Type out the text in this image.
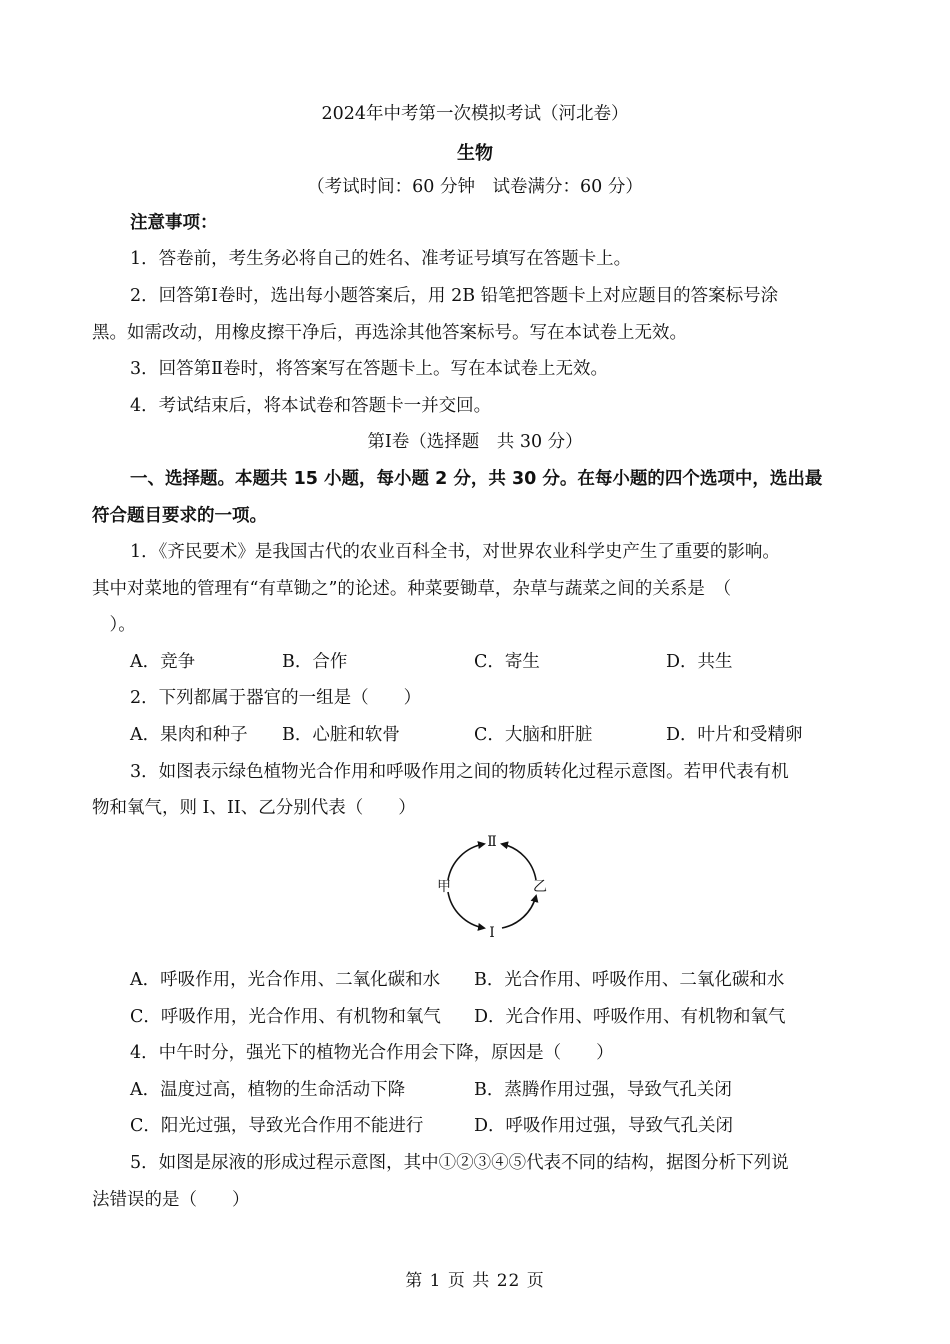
2024年中考第一次模拟考试（河北卷）
生物
（考试时间：60 分钟　试卷满分：60 分）
注意事项：
1．答卷前，考生务必将自己的姓名、准考证号填写在答题卡上。
2．回答第Ⅰ卷时，选出每小题答案后，用 2B 铅笔把答题卡上对应题目的答案标号涂
黑。如需改动，用橡皮擦干净后，再选涂其他答案标号。写在本试卷上无效。
3．回答第Ⅱ卷时，将答案写在答题卡上。写在本试卷上无效。
4．考试结束后，将本试卷和答题卡一并交回。
第Ⅰ卷（选择题　共 30 分）
一、选择题。本题共 15 小题，每小题 2 分，共 30 分。在每小题的四个选项中，选出最
符合题目要求的一项。
1．《齐民要术》是我国古代的农业百科全书，对世界农业科学史产生了重要的影响。
其中对菜地的管理有“有草锄之”的论述。种菜要锄草，杂草与蔬菜之间的关系是　（
　）。
A．竞争	B．合作	C．寄生	D．共生
2．下列都属于器官的一组是（　　）
A．果肉和种子 B．心脏和软骨	C．大脑和肝脏	D．叶片和受精卵
3．如图表示绿色植物光合作用和呼吸作用之间的物质转化过程示意图。若甲代表有机
物和氧气，则 I、II、乙分别代表（　　）
Ⅱ
甲	乙
I
A．呼吸作用，光合作用、二氧化碳和水 B．光合作用、呼吸作用、二氧化碳和水
C．呼吸作用，光合作用、有机物和氧气 D．光合作用、呼吸作用、有机物和氧气
4．中午时分，强光下的植物光合作用会下降，原因是（　　）
A．温度过高，植物的生命活动下降	B．蒸腾作用过强，导致气孔关闭
C．阳光过强，导致光合作用不能进行	D．呼吸作用过强，导致气孔关闭
5．如图是尿液的形成过程示意图，其中①②③④⑤代表不同的结构，据图分析下列说
法错误的是（　　）
第 1 页 共 22 页
